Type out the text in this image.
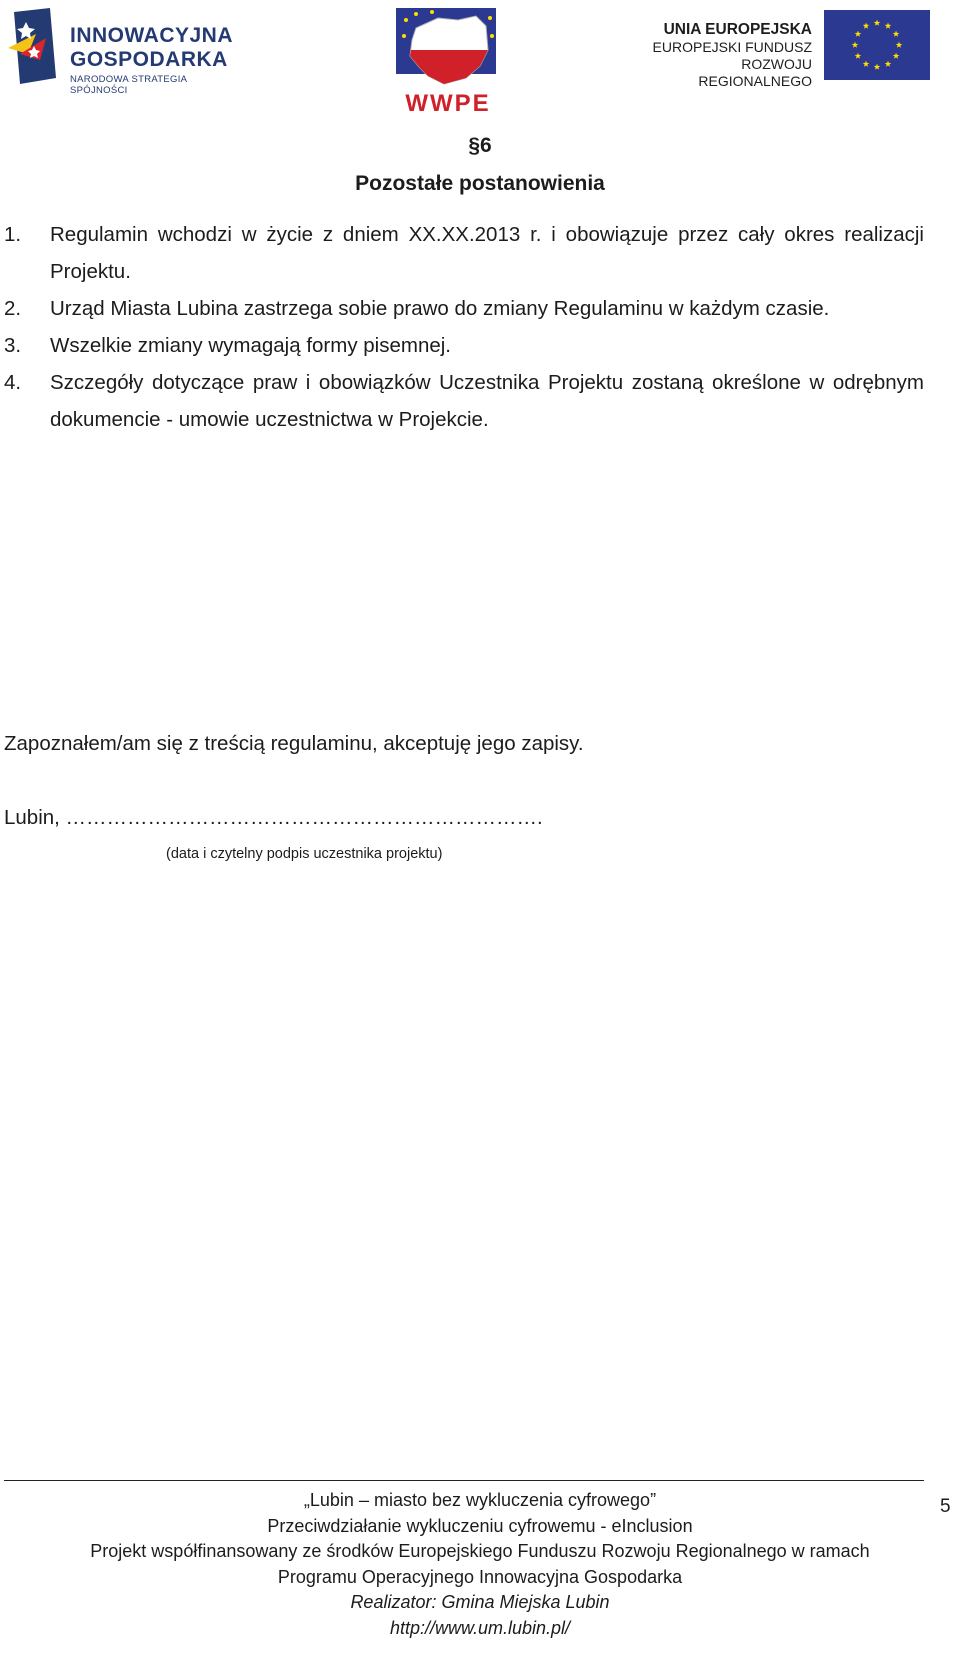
INNOWACYJNA
GOSPODARKA
NARODOWA STRATEGIA SPÓJNOŚCI	WWPE
UNIA EUROPEJSKA
EUROPEJSKI FUNDUSZ
ROZWOJU REGIONALNEGO
§6
Pozostałe postanowienia
1. Regulamin wchodzi w życie z dniem XX.XX.2013 r. i obowiązuje przez cały okres realizacji Projektu.
2. Urząd Miasta Lubina zastrzega sobie prawo do zmiany Regulaminu w każdym czasie.
3. Wszelkie zmiany wymagają formy pisemnej.
4. Szczegóły dotyczące praw i obowiązków Uczestnika Projektu zostaną określone w odrębnym dokumencie - umowie uczestnictwa w Projekcie.
Zapoznałem/am się z treścią regulaminu, akceptuję jego zapisy.
Lubin, …………………………………………………………….
(data i czytelny podpis uczestnika projektu)
„Lubin – miasto bez wykluczenia cyfrowego”
Przeciwdziałanie wykluczeniu cyfrowemu - eInclusion
Projekt współfinansowany ze środków Europejskiego Funduszu Rozwoju Regionalnego w ramach
Programu Operacyjnego Innowacyjna Gospodarka
Realizator: Gmina Miejska Lubin
http://www.um.lubin.pl/
5
